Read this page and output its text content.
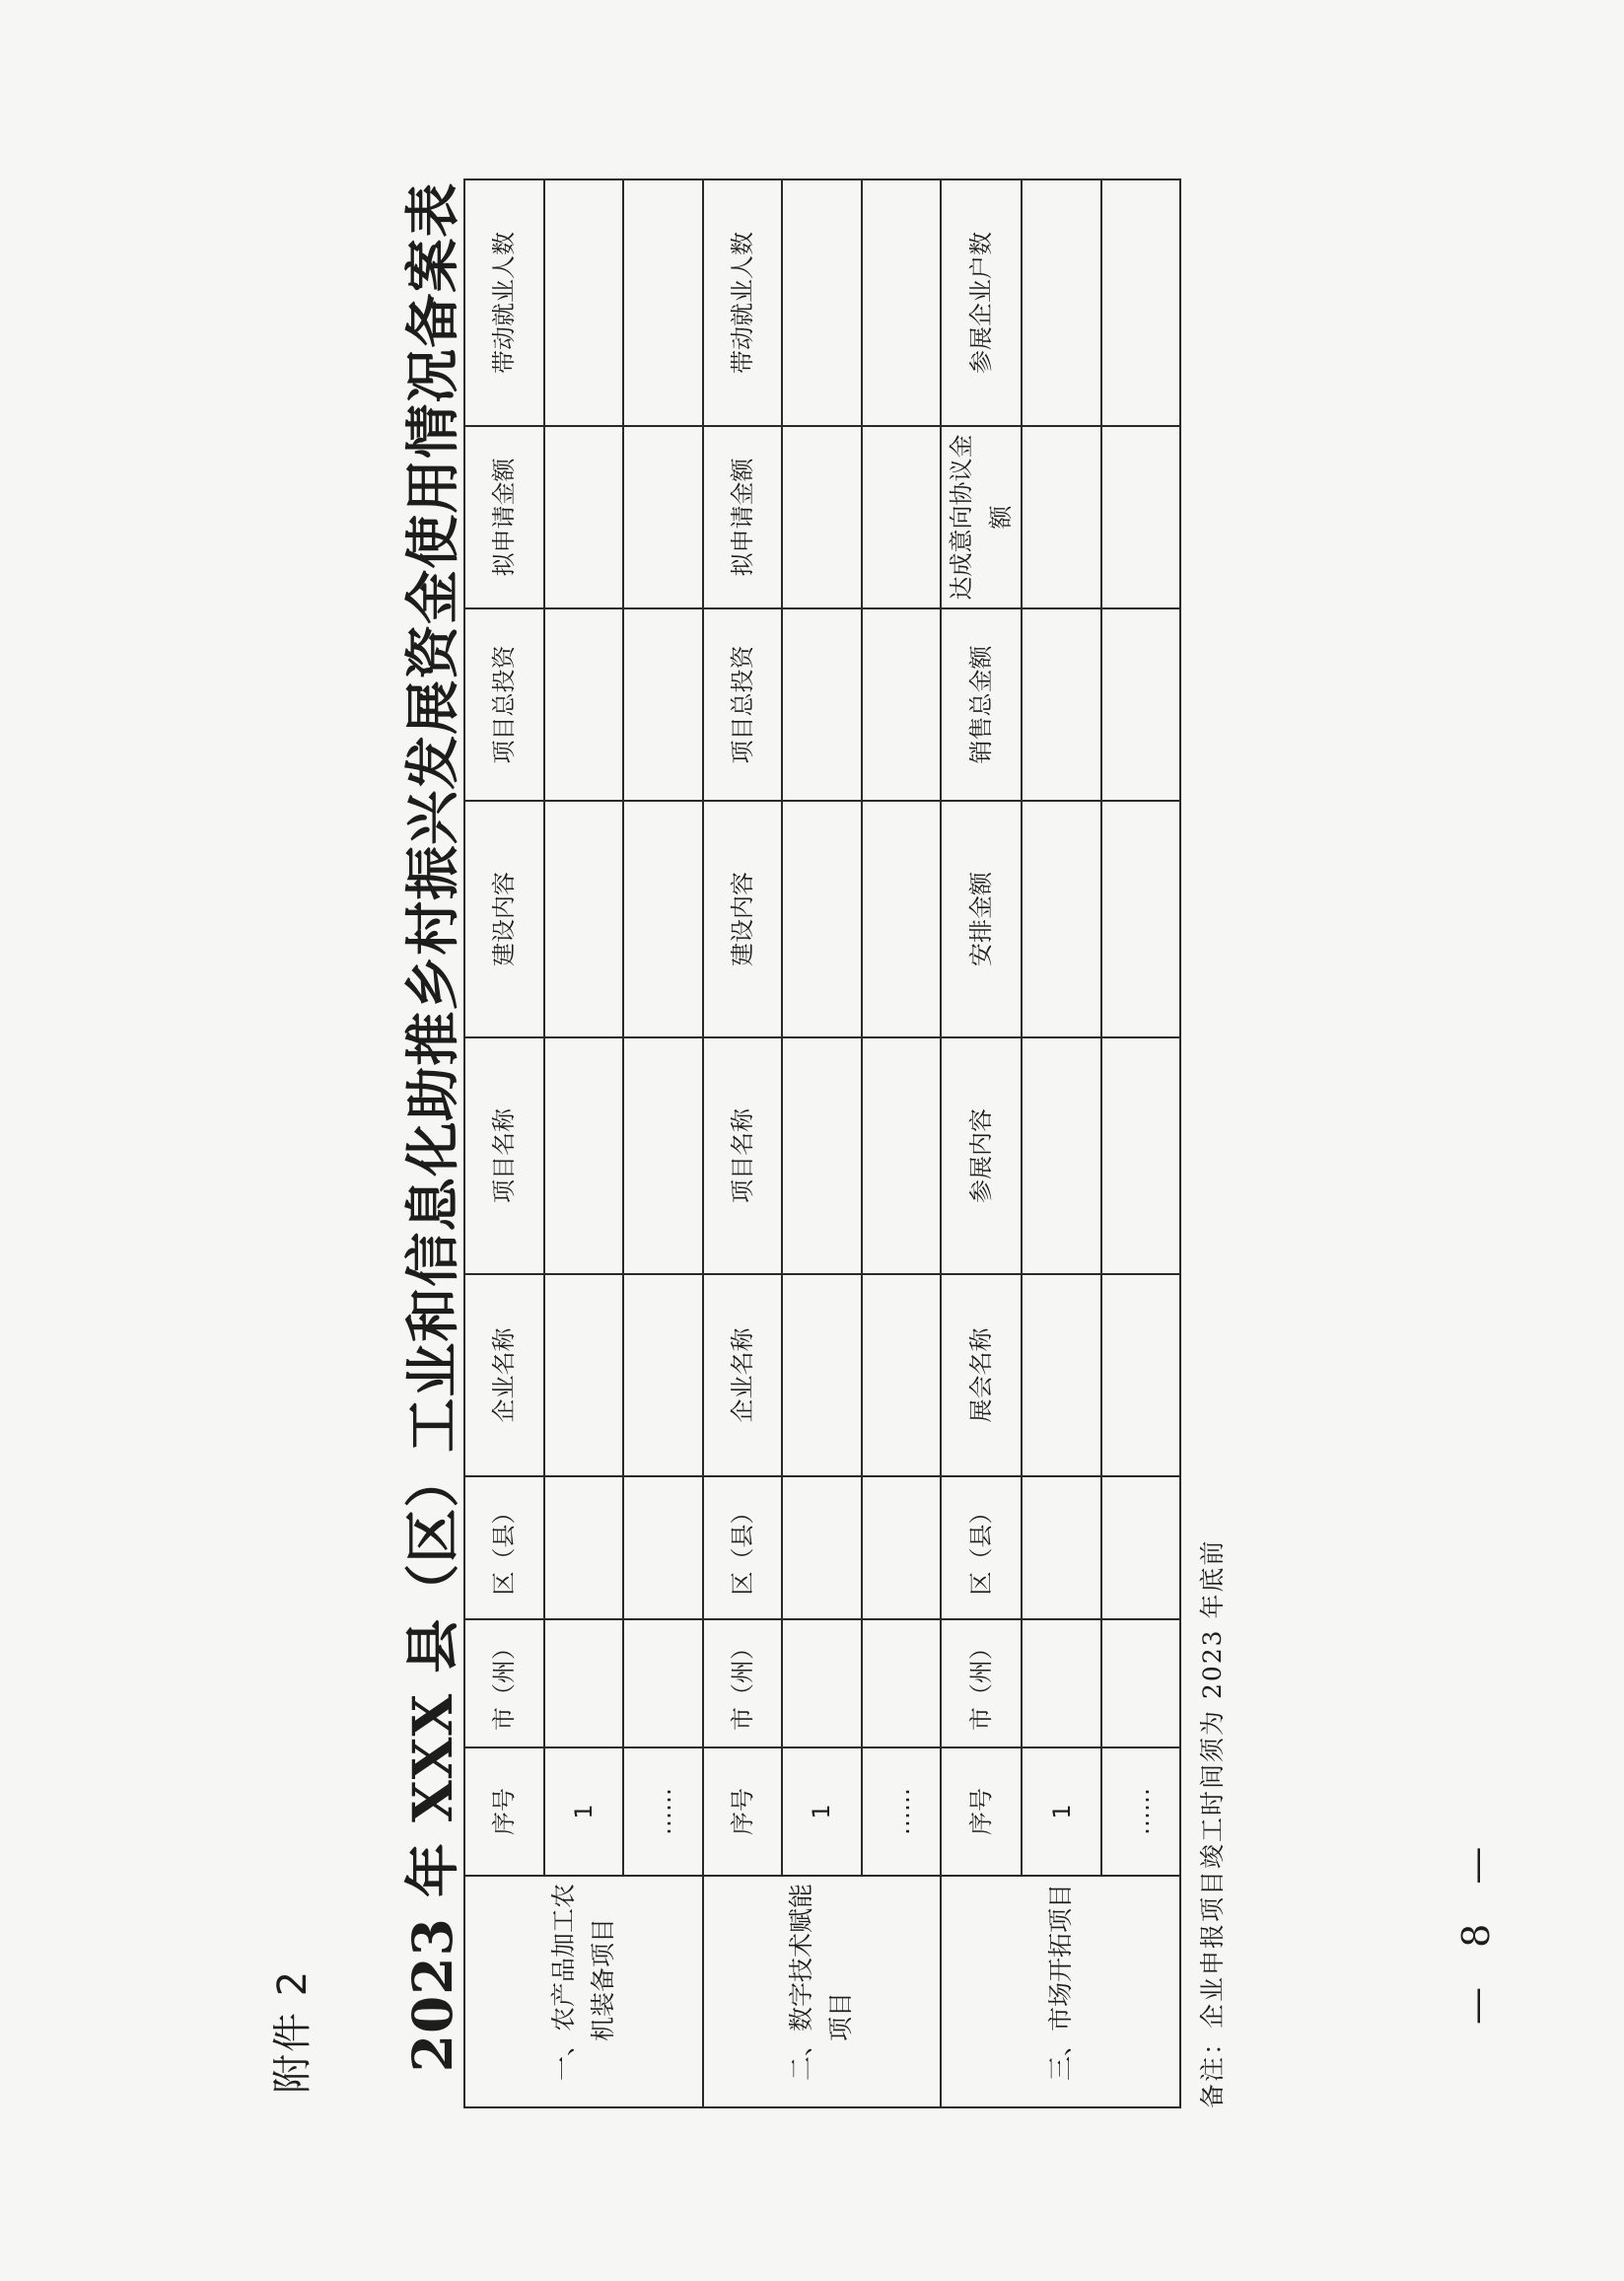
附件 2 2023 年 XXX 县（区）工业和信息化助推乡村振兴发展资金使用情况备案表	一、农产品加工农 机装备项目	序号	市（州）	区（县）	企业名称	项目名称	建设内容	项目总投资	拟申请金额	带动就业人数
	1								
	……								

二、数字技术赋能 项目	序号	市（州）	区（县）	企业名称	项目名称	建设内容	项目总投资	拟申请金额	带动就业人数
	1								
	……								

三、市场开拓项目	序号	市（州）	区（县）	展会名称	参展内容	安排金额	销售总金额	达成意向协议金额	参展企业户数
	1								
	……								备注：企业申报项目竣工时间须为 2023 年底前	— 8 —
